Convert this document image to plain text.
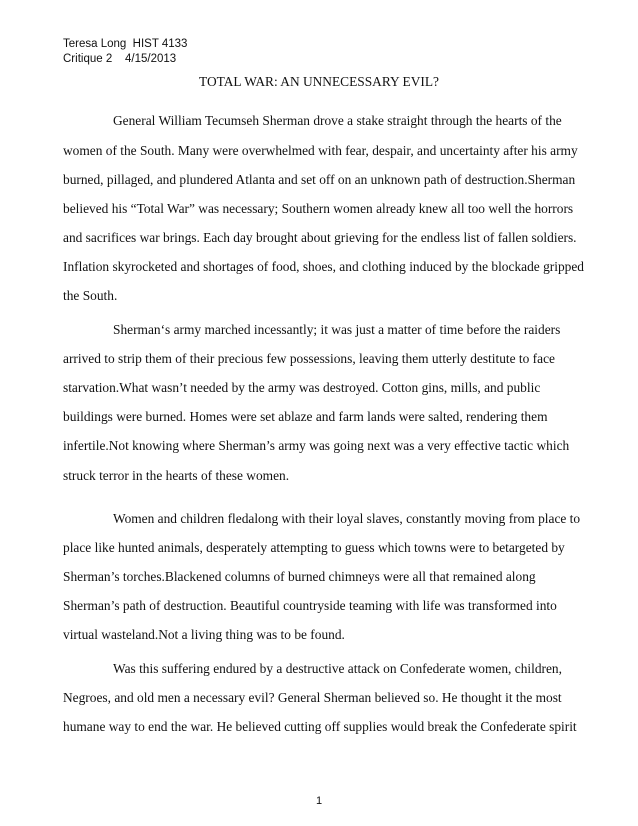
Teresa Long  HIST 4133
Critique 2    4/15/2013
TOTAL WAR: AN UNNECESSARY EVIL?
General William Tecumseh Sherman drove a stake straight through the hearts of the
women of the South. Many were overwhelmed with fear, despair, and uncertainty after his army
burned, pillaged, and plundered Atlanta and set off on an unknown path of destruction.Sherman
believed his “Total War” was necessary; Southern women already knew all too well the horrors
and sacrifices war brings. Each day brought about grieving for the endless list of fallen soldiers.
Inflation skyrocketed and shortages of food, shoes, and clothing induced by the blockade gripped
the South.
Sherman‘s army marched incessantly; it was just a matter of time before the raiders
arrived to strip them of their precious few possessions, leaving them utterly destitute to face
starvation.What wasn’t needed by the army was destroyed. Cotton gins, mills, and public
buildings were burned. Homes were set ablaze and farm lands were salted, rendering them
infertile.Not knowing where Sherman’s army was going next was a very effective tactic which
struck terror in the hearts of these women.
Women and children fledalong with their loyal slaves, constantly moving from place to
place like hunted animals, desperately attempting to guess which towns were to betargeted by
Sherman’s torches.Blackened columns of burned chimneys were all that remained along
Sherman’s path of destruction. Beautiful countryside teaming with life was transformed into
virtual wasteland.Not a living thing was to be found.
Was this suffering endured by a destructive attack on Confederate women, children,
Negroes, and old men a necessary evil? General Sherman believed so. He thought it the most
humane way to end the war. He believed cutting off supplies would break the Confederate spirit
1
